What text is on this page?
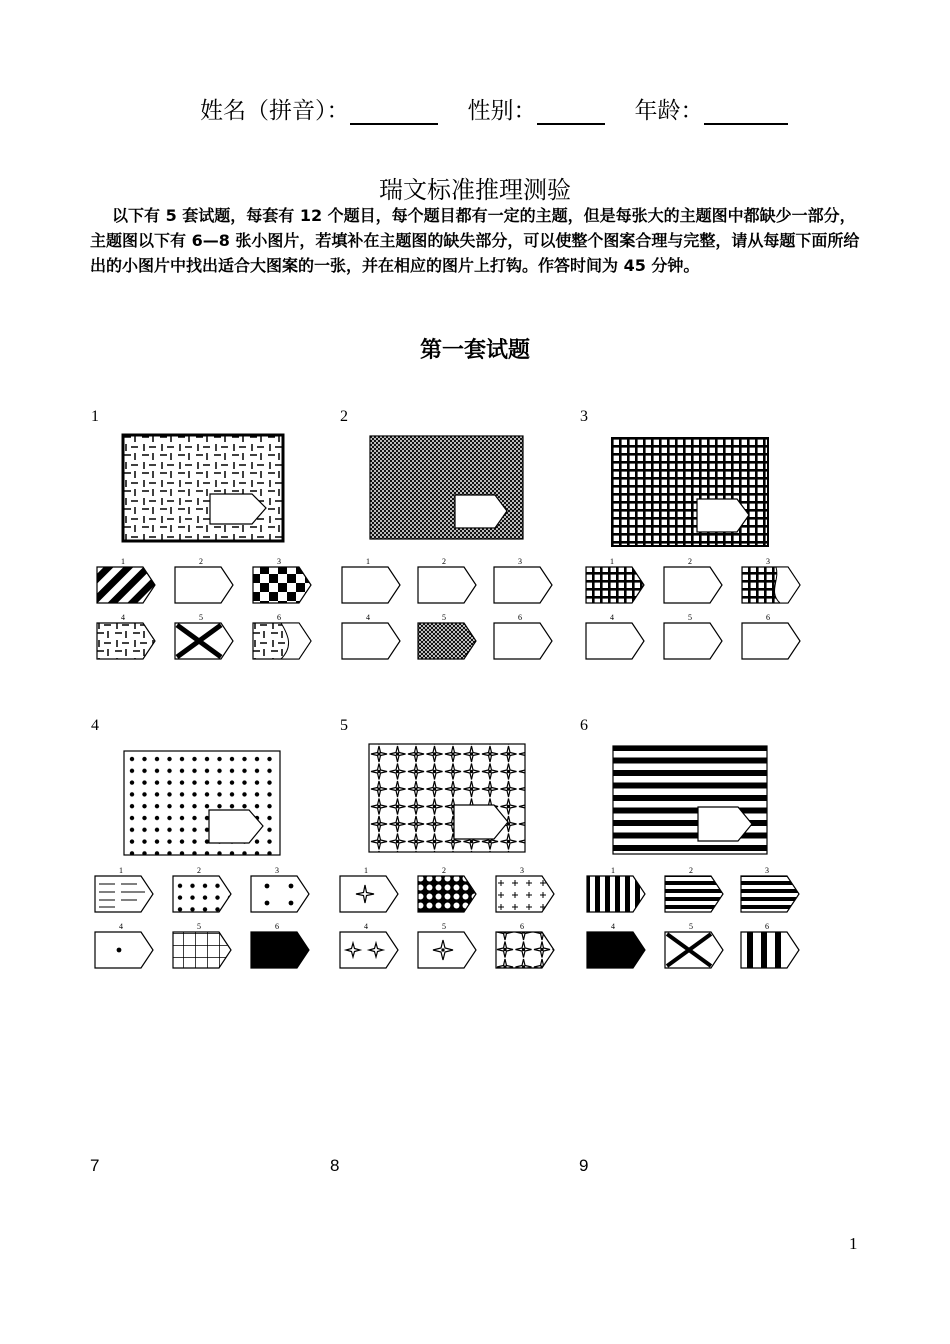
姓名（拼音）：	性别：	年龄：
瑞文标准推理测验
以下有 5 套试题，每套有 12 个题目，每个题目都有一定的主题，但是每张大的主题图中都缺少一部分，主题图以下有 6—8 张小图片，若填补在主题图的缺失部分，可以使整个图案合理与完整，请从每题下面所给出的小图片中找出适合大图案的一张，并在相应的图片上打钩。作答时间为 45 分钟。
第一套试题
1	2	3
4	5	6
7	8	9
1
1	2	3
4	5	6
1	2	3
4	5	6
1	2	3
4	5	6
1	2	3
4	5	6
1	2	3
4	5	6
1	2	3
4	5	6
